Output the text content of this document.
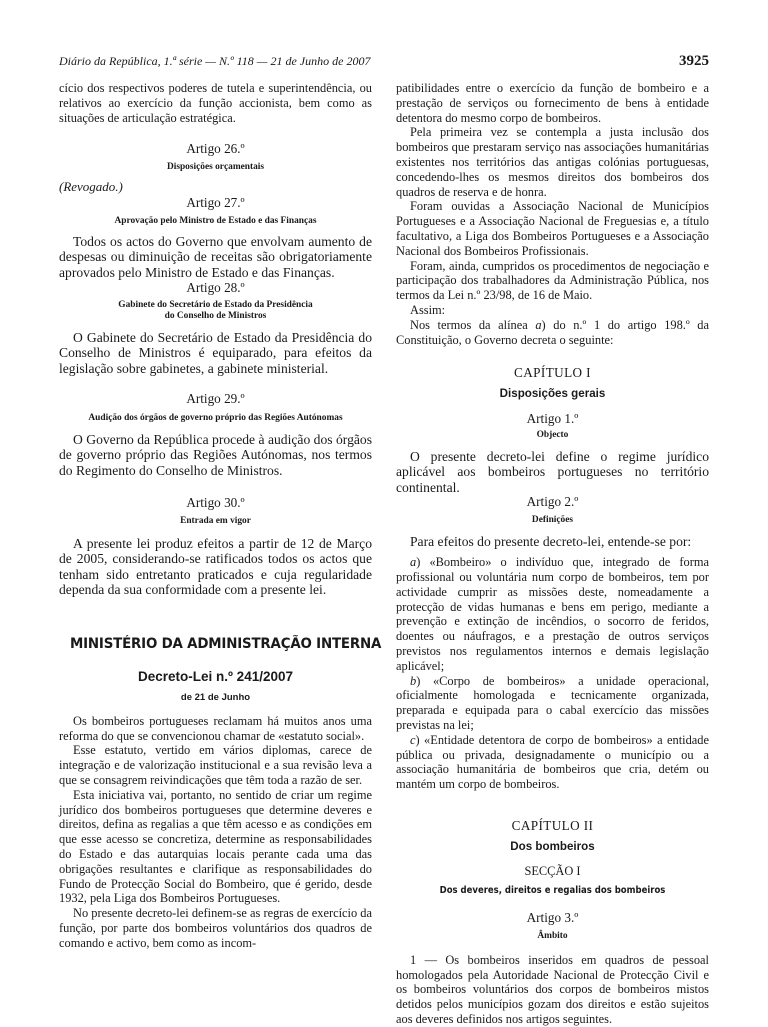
Diário da República, 1.ª série — N.º 118 — 21 de Junho de 2007	3925

cício dos respectivos poderes de tutela e superintendência, ou relativos ao exercício da função accionista, bem como as situações de articulação estratégica.

Artigo 26.º

Disposições orçamentais

(Revogado.)

Artigo 27.º

Aprovação pelo Ministro de Estado e das Finanças

Todos os actos do Governo que envolvam aumento de despesas ou diminuição de receitas são obrigatoriamente aprovados pelo Ministro de Estado e das Finanças.

Artigo 28.º

Gabinete do Secretário de Estado da Presidência

do Conselho de Ministros

O Gabinete do Secretário de Estado da Presidência do Conselho de Ministros é equiparado, para efeitos da legislação sobre gabinetes, a gabinete ministerial.

Artigo 29.º

Audição dos órgãos de governo próprio das Regiões Autónomas

O Governo da República procede à audição dos órgãos de governo próprio das Regiões Autónomas, nos termos do Regimento do Conselho de Ministros.

Artigo 30.º

Entrada em vigor

A presente lei produz efeitos a partir de 12 de Março de 2005, considerando-se ratificados todos os actos que tenham sido entretanto praticados e cuja regularidade dependa da sua conformidade com a presente lei.

MINISTÉRIO DA ADMINISTRAÇÃO INTERNA

Decreto-Lei n.º 241/2007

de 21 de Junho

Os bombeiros portugueses reclamam há muitos anos uma reforma do que se convencionou chamar de «estatuto social».

Esse estatuto, vertido em vários diplomas, carece de integração e de valorização institucional e a sua revisão leva a que se consagrem reivindicações que têm toda a razão de ser.

Esta iniciativa vai, portanto, no sentido de criar um regime jurídico dos bombeiros portugueses que determine deveres e direitos, defina as regalias a que têm acesso e as condições em que esse acesso se concretiza, determine as responsabilidades do Estado e das autarquias locais perante cada uma das obrigações resultantes e clarifique as responsabilidades do Fundo de Protecção Social do Bombeiro, que é gerido, desde 1932, pela Liga dos Bombeiros Portugueses.

No presente decreto-lei definem-se as regras de exercício da função, por parte dos bombeiros voluntários dos quadros de comando e activo, bem como as incom-

patibilidades entre o exercício da função de bombeiro e a prestação de serviços ou fornecimento de bens à entidade detentora do mesmo corpo de bombeiros.

Pela primeira vez se contempla a justa inclusão dos bombeiros que prestaram serviço nas associações humanitárias existentes nos territórios das antigas colónias portuguesas, concedendo-lhes os mesmos direitos dos bombeiros dos quadros de reserva e de honra.

Foram ouvidas a Associação Nacional de Municípios Portugueses e a Associação Nacional de Freguesias e, a título facultativo, a Liga dos Bombeiros Portugueses e a Associação Nacional dos Bombeiros Profissionais.

Foram, ainda, cumpridos os procedimentos de negociação e participação dos trabalhadores da Administração Pública, nos termos da Lei n.º 23/98, de 16 de Maio.

Assim:

Nos termos da alínea a) do n.º 1 do artigo 198.º da Constituição, o Governo decreta o seguinte:

CAPÍTULO I

Disposições gerais

Artigo 1.º

Objecto

O presente decreto-lei define o regime jurídico aplicável aos bombeiros portugueses no território continental.

Artigo 2.º

Definições

Para efeitos do presente decreto-lei, entende-se por:

a) «Bombeiro» o indivíduo que, integrado de forma profissional ou voluntária num corpo de bombeiros, tem por actividade cumprir as missões deste, nomeadamente a protecção de vidas humanas e bens em perigo, mediante a prevenção e extinção de incêndios, o socorro de feridos, doentes ou náufragos, e a prestação de outros serviços previstos nos regulamentos internos e demais legislação aplicável;

b) «Corpo de bombeiros» a unidade operacional, oficialmente homologada e tecnicamente organizada, preparada e equipada para o cabal exercício das missões previstas na lei;

c) «Entidade detentora de corpo de bombeiros» a entidade pública ou privada, designadamente o município ou a associação humanitária de bombeiros que cria, detém ou mantém um corpo de bombeiros.

CAPÍTULO II

Dos bombeiros

SECÇÃO I

Dos deveres, direitos e regalias dos bombeiros

Artigo 3.º

Âmbito

1 — Os bombeiros inseridos em quadros de pessoal homologados pela Autoridade Nacional de Protecção Civil e os bombeiros voluntários dos corpos de bombeiros mistos detidos pelos municípios gozam dos direitos e estão sujeitos aos deveres definidos nos artigos seguintes.
